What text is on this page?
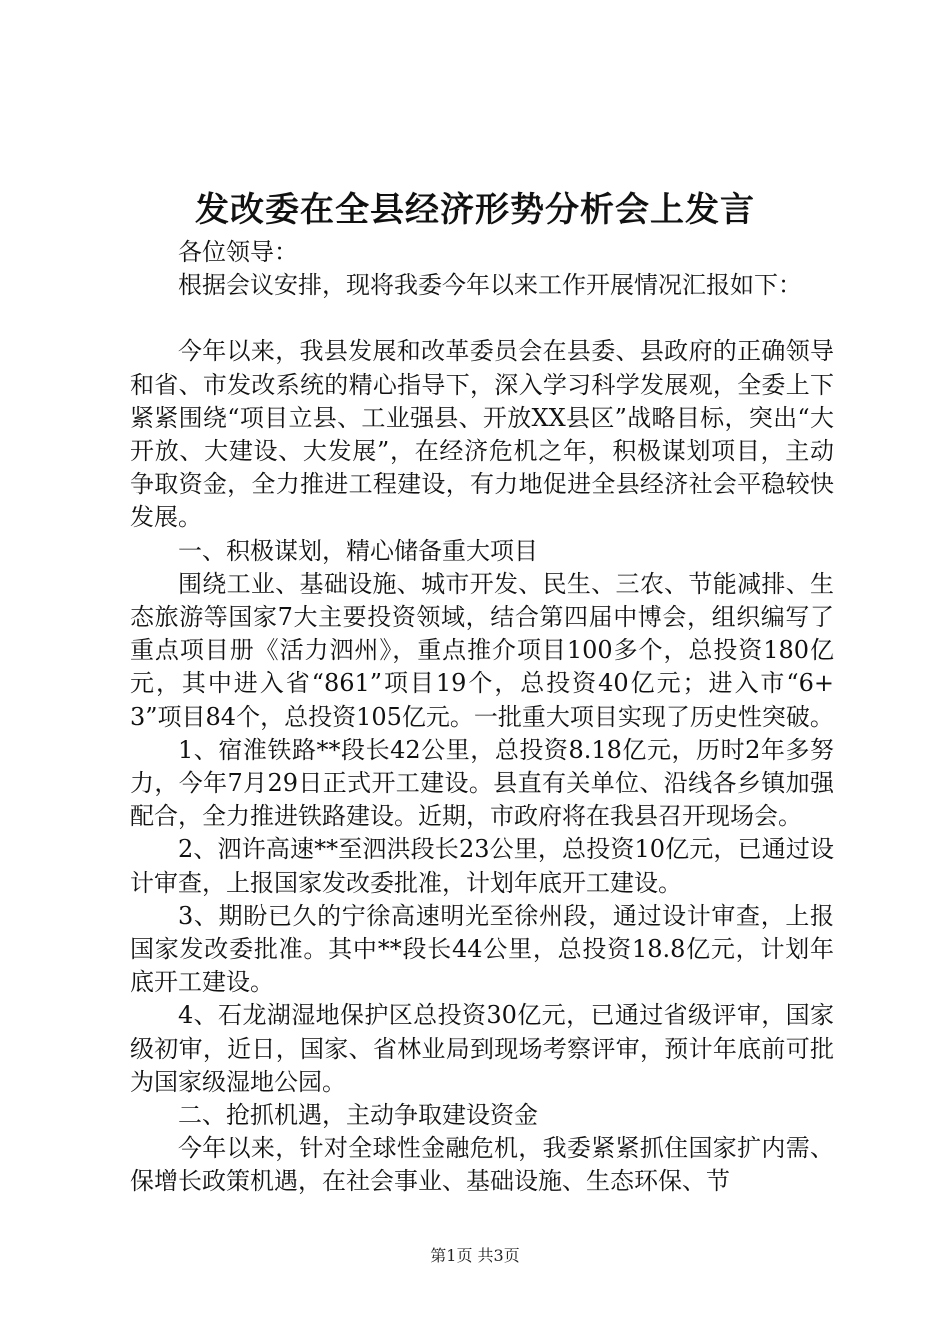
发改委在全县经济形势分析会上发言

各位领导：

根据会议安排，现将我委今年以来工作开展情况汇报如下：

今年以来，我县发展和改革委员会在县委、县政府的正确领导和省、市发改系统的精心指导下，深入学习科学发展观，全委上下紧紧围绕“项目立县、工业强县、开放XX县区”战略目标，突出“大开放、大建设、大发展”，在经济危机之年，积极谋划项目，主动争取资金，全力推进工程建设，有力地促进全县经济社会平稳较快发展。

一、积极谋划，精心储备重大项目

围绕工业、基础设施、城市开发、民生、三农、节能减排、生态旅游等国家7大主要投资领域，结合第四届中博会，组织编写了重点项目册《活力泗州》，重点推介项目100多个，总投资180亿元，其中进入省“861”项目19个，总投资40亿元；进入市“6+3”项目84个，总投资105亿元。一批重大项目实现了历史性突破。

1、宿淮铁路**段长42公里，总投资8.18亿元，历时2年多努力，今年7月29日正式开工建设。县直有关单位、沿线各乡镇加强配合，全力推进铁路建设。近期，市政府将在我县召开现场会。

2、泗许高速**至泗洪段长23公里，总投资10亿元，已通过设计审查，上报国家发改委批准，计划年底开工建设。

3、期盼已久的宁徐高速明光至徐州段，通过设计审查，上报国家发改委批准。其中**段长44公里，总投资18.8亿元，计划年底开工建设。

4、石龙湖湿地保护区总投资30亿元，已通过省级评审，国家级初审，近日，国家、省林业局到现场考察评审，预计年底前可批为国家级湿地公园。

二、抢抓机遇，主动争取建设资金

今年以来，针对全球性金融危机，我委紧紧抓住国家扩内需、保增长政策机遇，在社会事业、基础设施、生态环保、节

第1页 共3页
